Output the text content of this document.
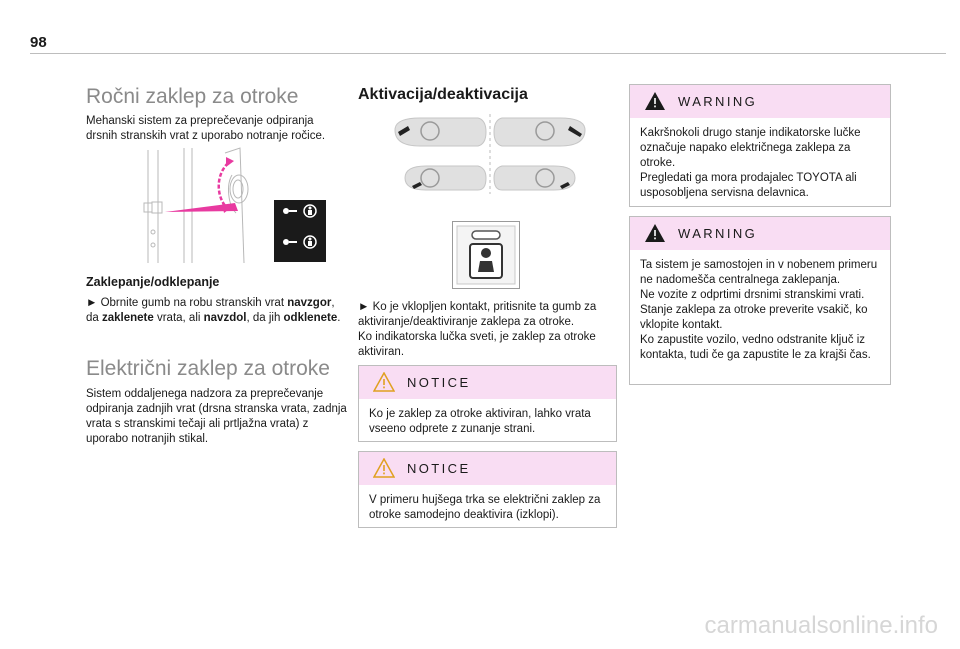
98
Ročni zaklep za otroke
Mehanski sistem za preprečevanje odpiranja drsnih stranskih vrat z uporabo notranje ročice.
Zaklepanje/odklepanje
► Obrnite gumb na robu stranskih vrat navzgor, da zaklenete vrata, ali navzdol, da jih odklenete.
Električni zaklep za otroke
Sistem oddaljenega nadzora za preprečevanje odpiranja zadnjih vrat (drsna stranska vrata, zadnja vrata s stranskimi tečaji ali prtljažna vrata) z uporabo notranjih stikal.
Aktivacija/deaktivacija
► Ko je vklopljen kontakt, pritisnite ta gumb za aktiviranje/deaktiviranje zaklepa za otroke.
Ko indikatorska lučka sveti, je zaklep za otroke aktiviran.
NOTICE
Ko je zaklep za otroke aktiviran, lahko vrata vseeno odprete z zunanje strani.
NOTICE
V primeru hujšega trka se električni zaklep za otroke samodejno deaktivira (izklopi).
WARNING
Kakršnokoli drugo stanje indikatorske lučke označuje napako električnega zaklepa za otroke.
Pregledati ga mora prodajalec TOYOTA ali usposobljena servisna delavnica.
WARNING
Ta sistem je samostojen in v nobenem primeru ne nadomešča centralnega zaklepanja.
Ne vozite z odprtimi drsnimi stranskimi vrati.
Stanje zaklepa za otroke preverite vsakič, ko vklopite kontakt.
Ko zapustite vozilo, vedno odstranite ključ iz kontakta, tudi če ga zapustite le za krajši čas.
carmanualsonline.info
